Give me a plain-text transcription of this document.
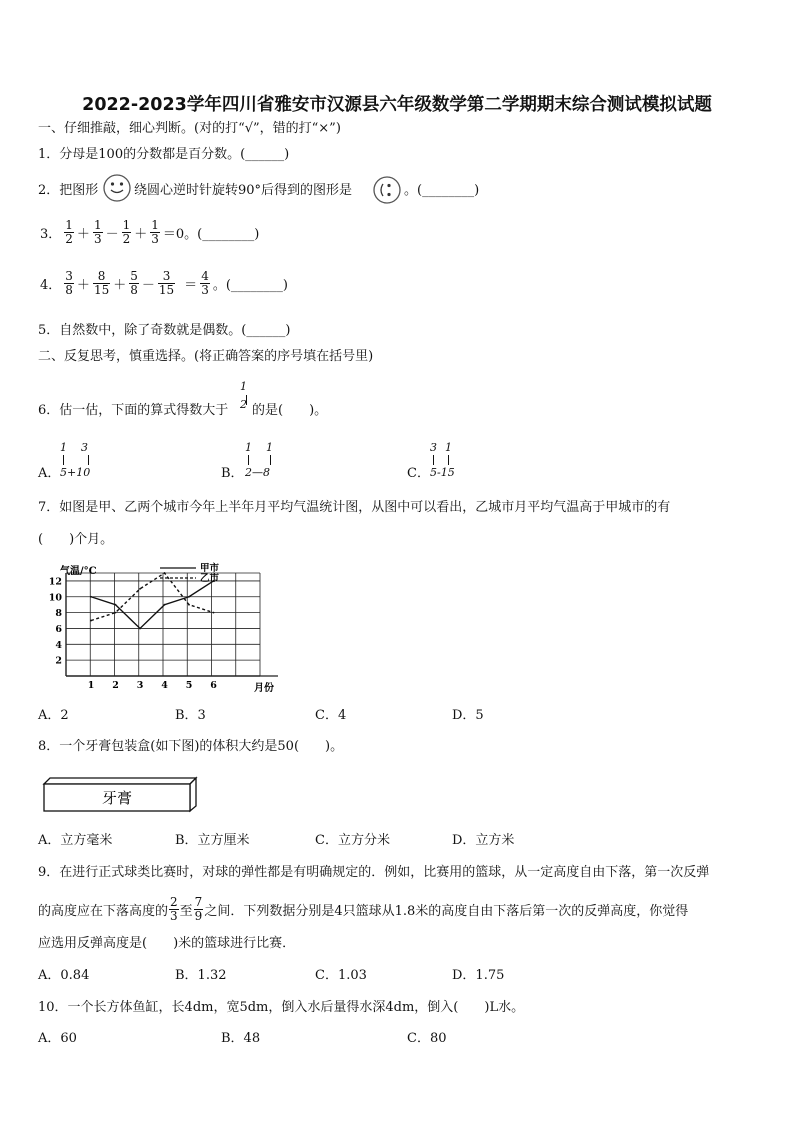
2022-2023学年四川省雅安市汉源县六年级数学第二学期期末综合测试模拟试题
一、仔细推敲，细心判断。(对的打“√”，错的打“×”)
1．分母是100的分数都是百分数。(______)
2．把图形	绕圆心逆时针旋转90°后得到的图形是	。(________)
3． $\frac{1}{2} + \frac{1}{3} - \frac{1}{2} + \frac{1}{3} =0$。(________)
4． $\frac{3}{8} + \frac{8}{15} + \frac{5}{8} - \frac{3}{15} = \frac{4}{3}$ 。(________)
5．自然数中，除了奇数就是偶数。(______)
二、反复思考，慎重选择。(将正确答案的序号填在括号里)
6．估一估，下面的算式得数大于
1
2 的是(　　)。
A．
1 3

5+10	B．
1 1

2—8	C．
3 1

5-15
7．如图是甲、乙两个城市今年上半年月平均气温统计图，从图中可以看出，乙城市月平均气温高于甲城市的有
(　　)个月。
2
4
6
8
10
12
1 2 3 4 5 6
气温/°C
月份
甲市
乙市
A．2	B．3	C．4	D．5
8．一个牙膏包装盒(如下图)的体积大约是50(　　)。
牙膏
A．立方毫米	B．立方厘米	C．立方分米	D．立方米
9．在进行正式球类比赛时，对球的弹性都是有明确规定的．例如，比赛用的篮球，从一定高度自由下落，第一次反弹
的高度应在下落高度的 $\frac{2}{3}$ 至 $\frac{7}{9}$ 之间．下列数据分别是4只篮球从1.8米的高度自由下落后第一次的反弹高度，你觉得
应选用反弹高度是(　　)米的篮球进行比赛．
A．0.84	B．1.32	C．1.03	D．1.75
10．一个长方体鱼缸，长4dm，宽5dm，倒入水后量得水深4dm，倒入(　　)L水。
A．60	B．48	C．80
